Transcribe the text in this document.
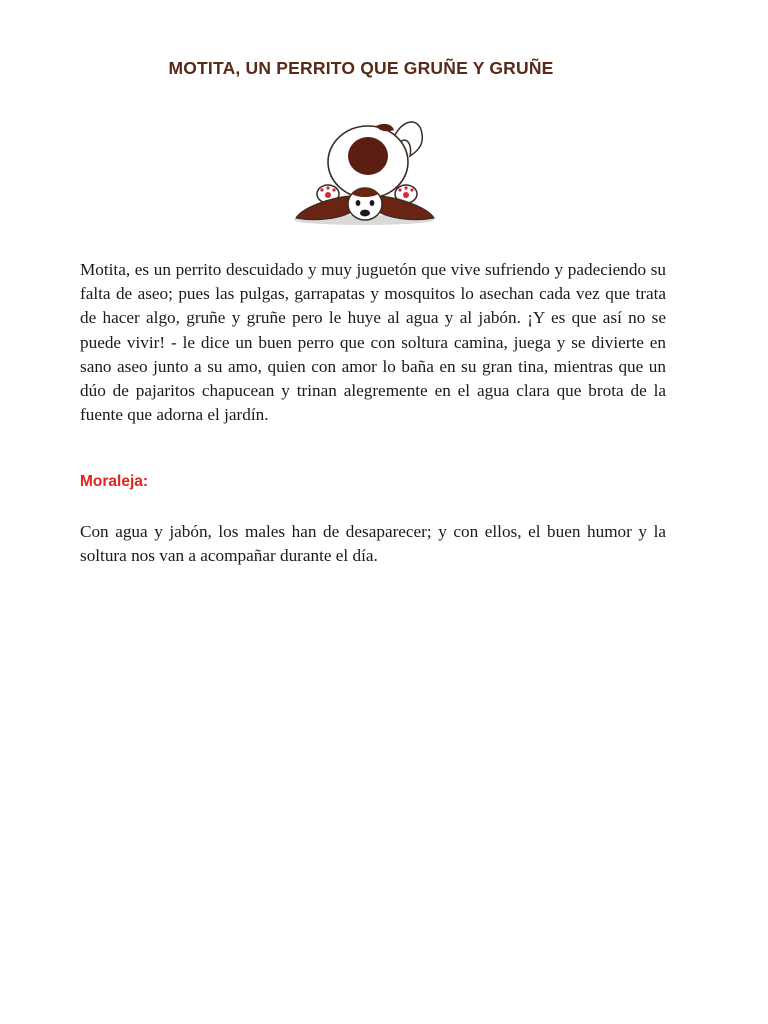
MOTITA, UN PERRITO QUE GRUÑE Y GRUÑE

Motita, es un perrito descuidado y muy juguetón que vive sufriendo y padeciendo su falta de aseo; pues las pulgas, garrapatas y mosquitos lo asechan cada vez que trata de hacer algo, gruñe y gruñe pero le huye al agua y al jabón. ¡Y es que así no se puede vivir! - le dice un buen perro que con soltura camina, juega y se divierte en sano aseo junto a su amo, quien con amor lo baña en su gran tina, mientras que un dúo de pajaritos chapucean y trinan alegremente en el agua clara que brota de la fuente que adorna el jardín.

Moraleja:

Con agua y jabón, los males han de desaparecer; y con ellos, el buen humor y la soltura nos van a acompañar durante el día.
